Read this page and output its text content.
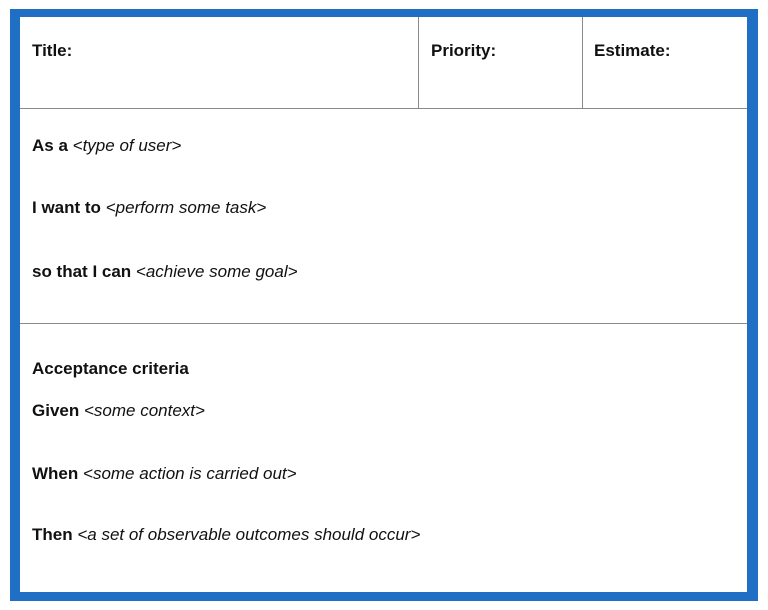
Title:	Priority:	Estimate:
As a <type of user>
I want to <perform some task>
so that I can <achieve some goal>
Acceptance criteria
Given <some context>
When <some action is carried out>
Then <a set of observable outcomes should occur>
